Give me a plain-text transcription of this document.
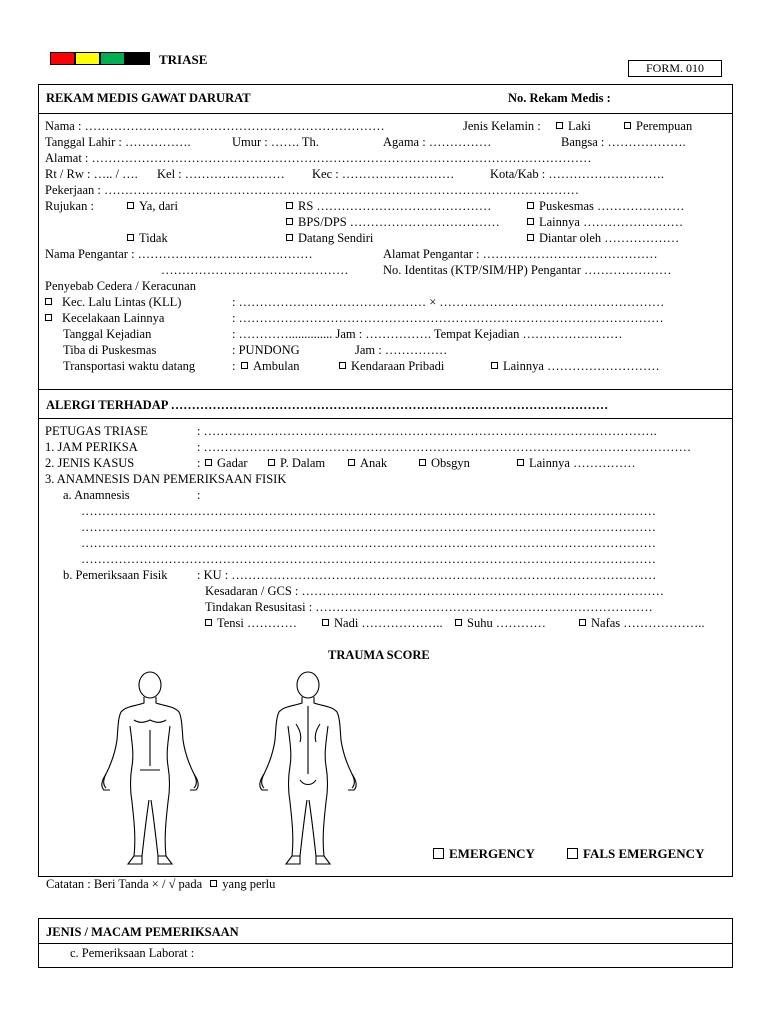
TRIASE
FORM. 010
REKAM MEDIS GAWAT DARURAT	No. Rekam Medis :
Nama : ………………………………………………………………	Jenis Kelamin :	Laki	Perempuan
Tanggal Lahir : …………….	Umur : ……. Th.	Agama : ……………	Bangsa : ……………….
Alamat : …………………………………………………………………………………………………………
Rt / Rw : ….. / …. Kel : …………………… Kec : ………………………	Kota/Kab : ……………………….
Pekerjaan : ……………………………………………………………………………………………………
Rujukan :	Ya, dari	RS ……………………………………	Puskesmas …………………
BPS/DPS ………………………………	Lainnya ……………………
Tidak	Datang Sendiri	Diantar oleh ………………
Nama Pengantar : ……………………………………	Alamat Pengantar : ……………………………………
………………………………………	No. Identitas (KTP/SIM/HP) Pengantar …………………
Penyebab Cedera / Keracunan
Kec. Lalu Lintas (KLL)	: ……………………………………… × ………………………………………………
Kecelakaan Lainnya	: …………………………………………………………………………………………
Tanggal Kejadian	: ………….............. Jam : ……………. Tempat Kejadian ……………………
Tiba di Puskesmas	: PUNDONG	Jam : ……………
Transportasi waktu datang	:	Ambulan	Kendaraan Pribadi	Lainnya ………………………
ALERGI TERHADAP ……………………………………………………………………………………………
PETUGAS TRIASE	: ……………………………………………………………………………………………….
1. JAM PERIKSA	: ………………………………………………………………………………………………………
2. JENIS KASUS	:	Gadar	P. Dalam	Anak	Obsgyn	Lainnya ……………
3. ANAMNESIS DAN PEMERIKSAAN FISIK
a. Anamnesis	:
…………………………………………………………………………………………………………………………
…………………………………………………………………………………………………………………………
…………………………………………………………………………………………………………………………
…………………………………………………………………………………………………………………………
b. Pemeriksaan Fisik : KU : …………………………………………………………………………………………
Kesadaran / GCS : ……………………………………………………………………………
Tindakan Resusitasi : ………………………………………………………………………
Tensi …………	Nadi ………………..	Suhu …………	Nafas ………………..
TRAUMA SCORE
EMERGENCY	FALS EMERGENCY
Catatan : Beri Tanda × / √ pada yang perlu
JENIS / MACAM PEMERIKSAAN
c. Pemeriksaan Laborat :
